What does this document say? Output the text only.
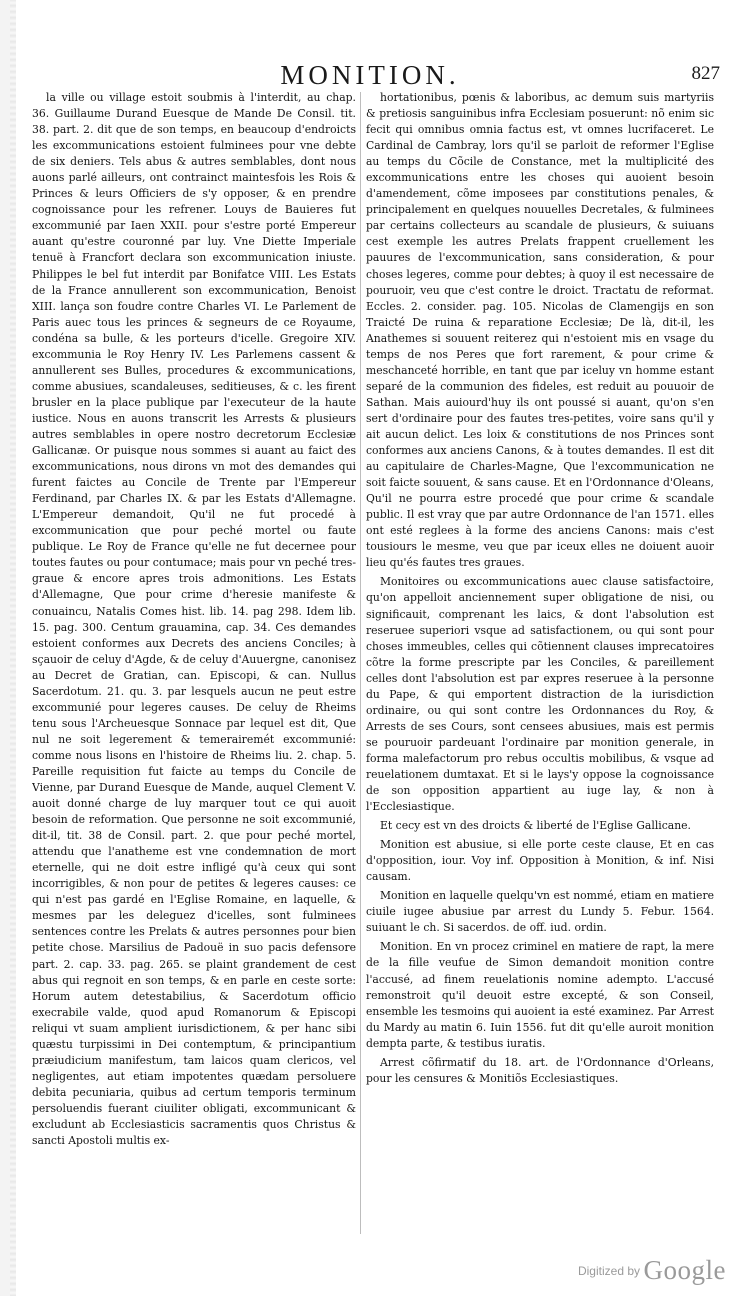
MONITION.	827

la ville ou village estoit soubmis à l'interdit, au chap. 36. Guillaume Durand Euesque de Mande De Consil. tit. 38. part. 2. dit que de son temps, en beaucoup d'endroicts les excommunications estoient fulminees pour vne debte de six deniers. Tels abus & autres semblables, dont nous auons parlé ailleurs, ont contrainct maintesfois les Rois & Princes & leurs Officiers de s'y opposer, & en prendre cognoissance pour les refrener. Louys de Bauieres fut excommunié par Iaen XXII. pour s'estre porté Empereur auant qu'estre couronné par luy. Vne Diette Imperiale tenuë à Francfort declara son excommunication iniuste. Philippes le bel fut interdit par Bonifatce VIII. Les Estats de la France annullerent son excommunication, Benoist XIII. lança son foudre contre Charles VI. Le Parlement de Paris auec tous les princes & segneurs de ce Royaume, condéna sa bulle, & les porteurs d'icelle. Gregoire XIV. excommunia le Roy Henry IV. Les Parlemens cassent & annullerent ses Bulles, procedures & excommunications, comme abusiues, scandaleuses, seditieuses, & c. les firent brusler en la place publique par l'executeur de la haute iustice. Nous en auons transcrit les Arrests & plusieurs autres semblables in opere nostro decretorum Ecclesiæ Gallicanæ. Or puisque nous sommes si auant au faict des excommunications, nous dirons vn mot des demandes qui furent faictes au Concile de Trente par l'Empereur Ferdinand, par Charles IX. & par les Estats d'Allemagne. L'Empereur demandoit, Qu'il ne fut procedé à excommunication que pour peché mortel ou faute publique. Le Roy de France qu'elle ne fut decernee pour toutes fautes ou pour contumace; mais pour vn peché tres-graue & encore apres trois admonitions. Les Estats d'Allemagne, Que pour crime d'heresie manifeste & conuaincu, Natalis Comes hist. lib. 14. pag 298. Idem lib. 15. pag. 300. Centum grauamina, cap. 34. Ces demandes estoient conformes aux Decrets des anciens Conciles; à sçauoir de celuy d'Agde, & de celuy d'Auuergne, canonisez au Decret de Gratian, can. Episcopi, & can. Nullus Sacerdotum. 21. qu. 3. par lesquels aucun ne peut estre excommunié pour legeres causes. De celuy de Rheims tenu sous l'Archeuesque Sonnace par lequel est dit, Que nul ne soit legerement & temerairemét excommunié: comme nous lisons en l'histoire de Rheims liu. 2. chap. 5. Pareille requisition fut faicte au temps du Concile de Vienne, par Durand Euesque de Mande, auquel Clement V. auoit donné charge de luy marquer tout ce qui auoit besoin de reformation. Que personne ne soit excommunié, dit-il, tit. 38 de Consil. part. 2. que pour peché mortel, attendu que l'anatheme est vne condemnation de mort eternelle, qui ne doit estre infligé qu'à ceux qui sont incorrigibles, & non pour de petites & legeres causes: ce qui n'est pas gardé en l'Eglise Romaine, en laquelle, & mesmes par les deleguez d'icelles, sont fulminees sentences contre les Prelats & autres personnes pour bien petite chose. Marsilius de Padouë in suo pacis defensore part. 2. cap. 33. pag. 265. se plaint grandement de cest abus qui regnoit en son temps, & en parle en ceste sorte: Horum autem detestabilius, & Sacerdotum officio execrabile valde, quod apud Romanorum & Episcopi reliqui vt suam amplient iurisdictionem, & per hanc sibi quæstu turpissimi in Dei contemptum, & principantium præiudicium manifestum, tam laicos quam clericos, vel negligentes, aut etiam impotentes quædam persoluere debita pecuniaria, quibus ad certum temporis terminum persoluendis fuerant ciuiliter obligati, excommunicant & excludunt ab Ecclesiasticis sacramentis quos Christus & sancti Apostoli multis ex-

hortationibus, pœnis & laboribus, ac demum suis martyriis & pretiosis sanguinibus infra Ecclesiam posuerunt: nõ enim sic fecit qui omnibus omnia factus est, vt omnes lucrifaceret. Le Cardinal de Cambray, lors qu'il se parloit de reformer l'Eglise au temps du Cõcile de Constance, met la multiplicité des excommunications entre les choses qui auoient besoin d'amendement, cõme imposees par constitutions penales, & principalement en quelques nouuelles Decretales, & fulminees par certains collecteurs au scandale de plusieurs, & suiuans cest exemple les autres Prelats frappent cruellement les pauures de l'excommunication, sans consideration, & pour choses legeres, comme pour debtes; à quoy il est necessaire de pouruoir, veu que c'est contre le droict. Tractatu de reformat. Eccles. 2. consider. pag. 105. Nicolas de Clamengijs en son Traicté De ruina & reparatione Ecclesiæ; De là, dit-il, les Anathemes si souuent reiterez qui n'estoient mis en vsage du temps de nos Peres que fort rarement, & pour crime & meschanceté horrible, en tant que par iceluy vn homme estant separé de la communion des fideles, est reduit au pouuoir de Sathan. Mais auiourd'huy ils ont poussé si auant, qu'on s'en sert d'ordinaire pour des fautes tres-petites, voire sans qu'il y ait aucun delict. Les loix & constitutions de nos Princes sont conformes aux anciens Canons, & à toutes demandes. Il est dit au capitulaire de Charles-Magne, Que l'excommunication ne soit faicte souuent, & sans cause. Et en l'Ordonnance d'Oleans, Qu'il ne pourra estre procedé que pour crime & scandale public. Il est vray que par autre Ordonnance de l'an 1571. elles ont esté reglees à la forme des anciens Canons: mais c'est tousiours le mesme, veu que par iceux elles ne doiuent auoir lieu qu'és fautes tres graues.

Monitoires ou excommunications auec clause satisfactoire, qu'on appelloit anciennement super obligatione de nisi, ou significauit, comprenant les laics, & dont l'absolution est reseruee superiori vsque ad satisfactionem, ou qui sont pour choses immeubles, celles qui cõtiennent clauses imprecatoires cõtre la forme prescripte par les Conciles, & pareillement celles dont l'absolution est par expres reseruee à la personne du Pape, & qui emportent distraction de la iurisdiction ordinaire, ou qui sont contre les Ordonnances du Roy, & Arrests de ses Cours, sont censees abusiues, mais est permis se pouruoir pardeuant l'ordinaire par monition generale, in forma malefactorum pro rebus occultis mobilibus, & vsque ad reuelationem dumtaxat. Et si le lays'y oppose la cognoissance de son opposition appartient au iuge lay, & non à l'Ecclesiastique.

Et cecy est vn des droicts & liberté de l'Eglise Gallicane.

Monition est abusiue, si elle porte ceste clause, Et en cas d'opposition, iour. Voy inf. Opposition à Monition, & inf. Nisi causam.

Monition en laquelle quelqu'vn est nommé, etiam en matiere ciuile iugee abusiue par arrest du Lundy 5. Febur. 1564. suiuant le ch. Si sacerdos. de off. iud. ordin.

Monition. En vn procez criminel en matiere de rapt, la mere de la fille veufue de Simon demandoit monition contre l'accusé, ad finem reuelationis nomine adempto. L'accusé remonstroit qu'il deuoit estre excepté, & son Conseil, ensemble les tesmoins qui auoient ia esté examinez. Par Arrest du Mardy au matin 6. Iuin 1556. fut dit qu'elle auroit monition dempta parte, & testibus iuratis.

Arrest cõfirmatif du 18. art. de l'Ordonnance d'Orleans, pour les censures & Monitiõs Ecclesiastiques.

Digitized by Google
